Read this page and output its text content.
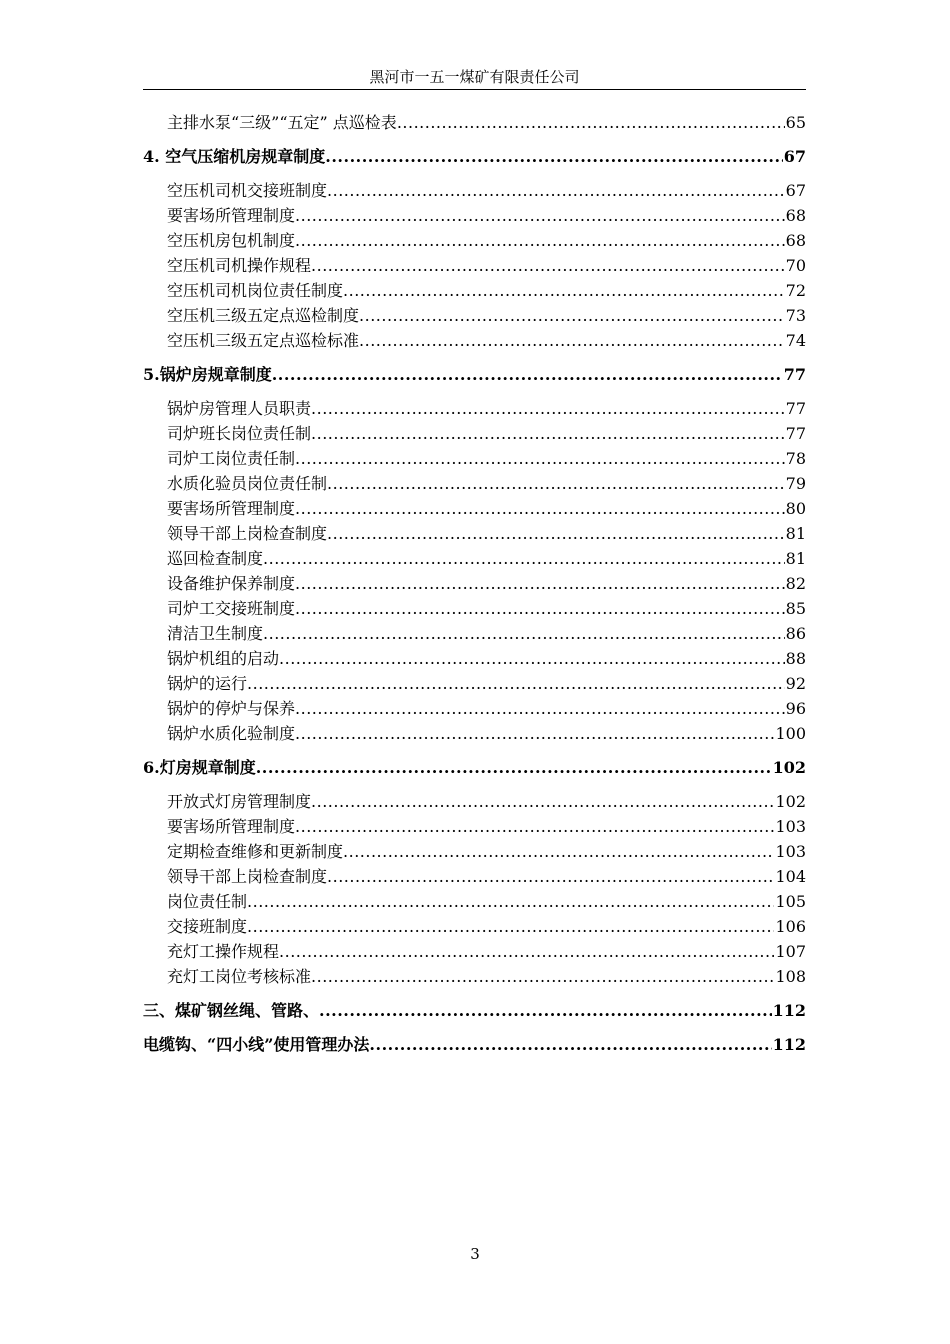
黑河市一五一煤矿有限责任公司
主排水泵“三级”“五定” 点巡检表 .....	65
4. 空气压缩机房规章制度 .....	67
空压机司机交接班制度 .....	67
要害场所管理制度 .....	68
空压机房包机制度 .....	68
空压机司机操作规程 .....	70
空压机司机岗位责任制度 .....	72
空压机三级五定点巡检制度 .....	73
空压机三级五定点巡检标准 .....	74
5.锅炉房规章制度 .....	77
锅炉房管理人员职责 .....	77
司炉班长岗位责任制 .....	77
司炉工岗位责任制 .....	78
水质化验员岗位责任制 .....	79
要害场所管理制度 .....	80
领导干部上岗检查制度 .....	81
巡回检查制度 .....	81
设备维护保养制度 .....	82
司炉工交接班制度 .....	85
清洁卫生制度 .....	86
锅炉机组的启动 .....	88
锅炉的运行 .....	92
锅炉的停炉与保养 .....	96
锅炉水质化验制度 .....	100
6.灯房规章制度 .....	102
开放式灯房管理制度 .....	102
要害场所管理制度 .....	103
定期检查维修和更新制度 .....	103
领导干部上岗检查制度 .....	104
岗位责任制 .....	105
交接班制度 .....	106
充灯工操作规程 .....	107
充灯工岗位考核标准 .....	108
三、煤矿钢丝绳、管路、 .....	112
电缆钩、“四小线”使用管理办法 .....	112
3
